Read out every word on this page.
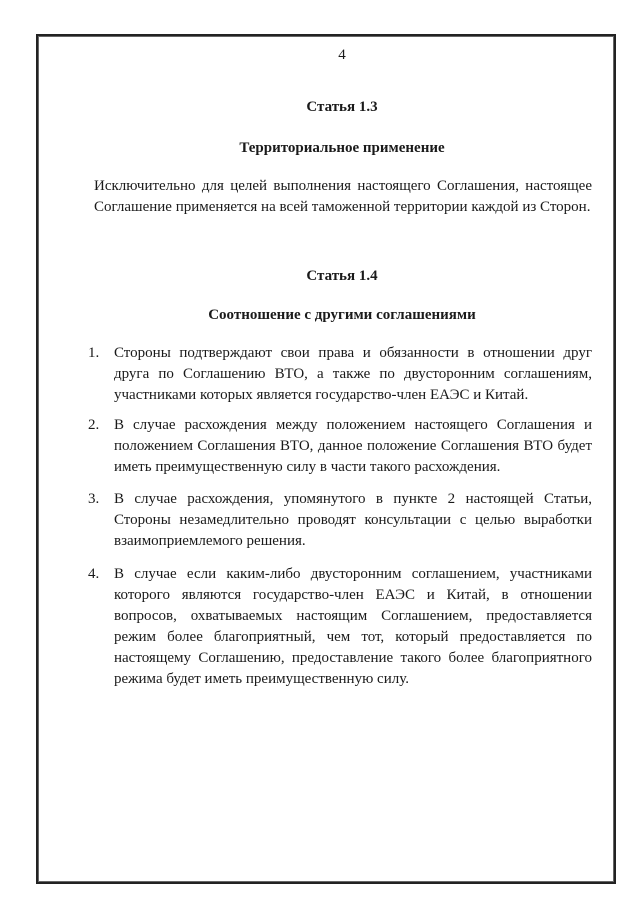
4
Статья 1.3
Территориальное применение

Исключительно для целей выполнения настоящего Соглашения, настоящее Соглашение применяется на всей таможенной территории каждой из Сторон.

Статья 1.4
Соотношение с другими соглашениями
1. Стороны подтверждают свои права и обязанности в отношении друг друга по Соглашению ВТО, а также по двусторонним соглашениям, участниками которых является государство-член ЕАЭС и Китай.
2. В случае расхождения между положением настоящего Соглашения и положением Соглашения ВТО, данное положение Соглашения ВТО будет иметь преимущественную силу в части такого расхождения.
3. В случае расхождения, упомянутого в пункте 2 настоящей Статьи, Стороны незамедлительно проводят консультации с целью выработки взаимоприемлемого решения.
4. В случае если каким-либо двусторонним соглашением, участниками которого являются государство-член ЕАЭС и Китай, в отношении вопросов, охватываемых настоящим Соглашением, предоставляется режим более благоприятный, чем тот, который предоставляется по настоящему Соглашению, предоставление такого более благоприятного режима будет иметь преимущественную силу.
